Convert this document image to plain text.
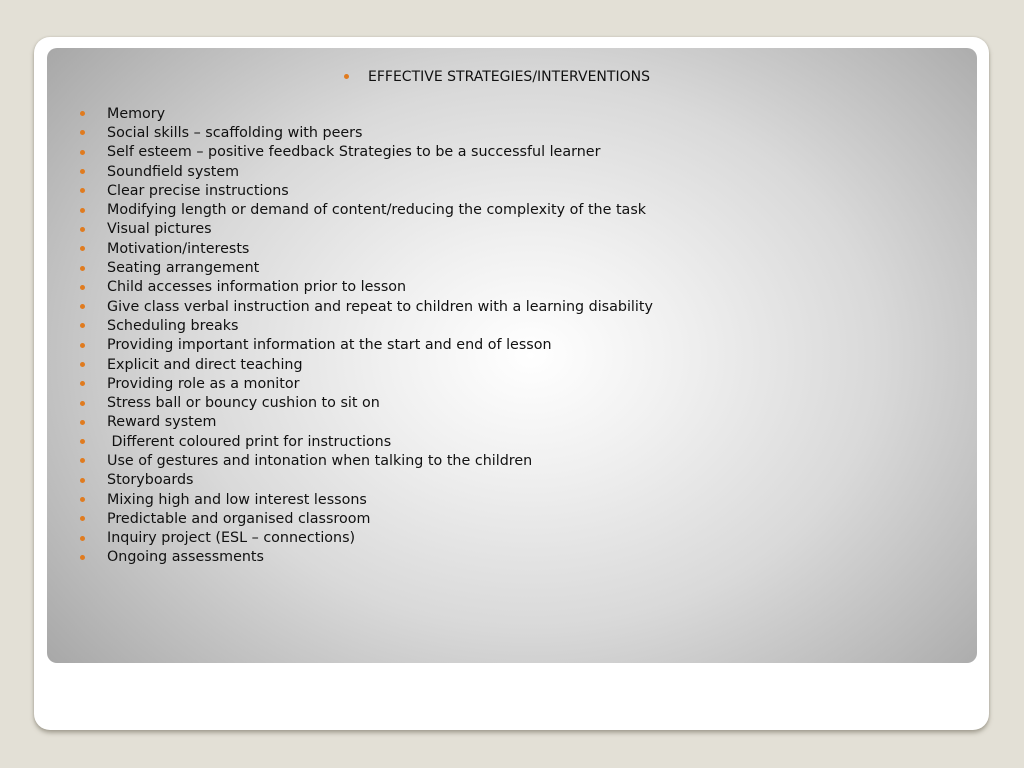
EFFECTIVE STRATEGIES/INTERVENTIONS
Memory
Social skills – scaffolding with peers
Self esteem – positive feedback Strategies to be a successful learner
Soundfield system
Clear precise instructions
Modifying length or demand of content/reducing the complexity of the task
Visual pictures
Motivation/interests
Seating arrangement
Child accesses information prior to lesson
Give class verbal instruction and repeat to children with a learning disability
Scheduling breaks
Providing important information at the start and end of lesson
Explicit and direct teaching
Providing role as a monitor
Stress ball or bouncy cushion to sit on
Reward system
Different coloured print for instructions
Use of gestures and intonation when talking to the children
Storyboards
Mixing high and low interest lessons
Predictable and organised classroom
Inquiry project (ESL – connections)
Ongoing assessments
